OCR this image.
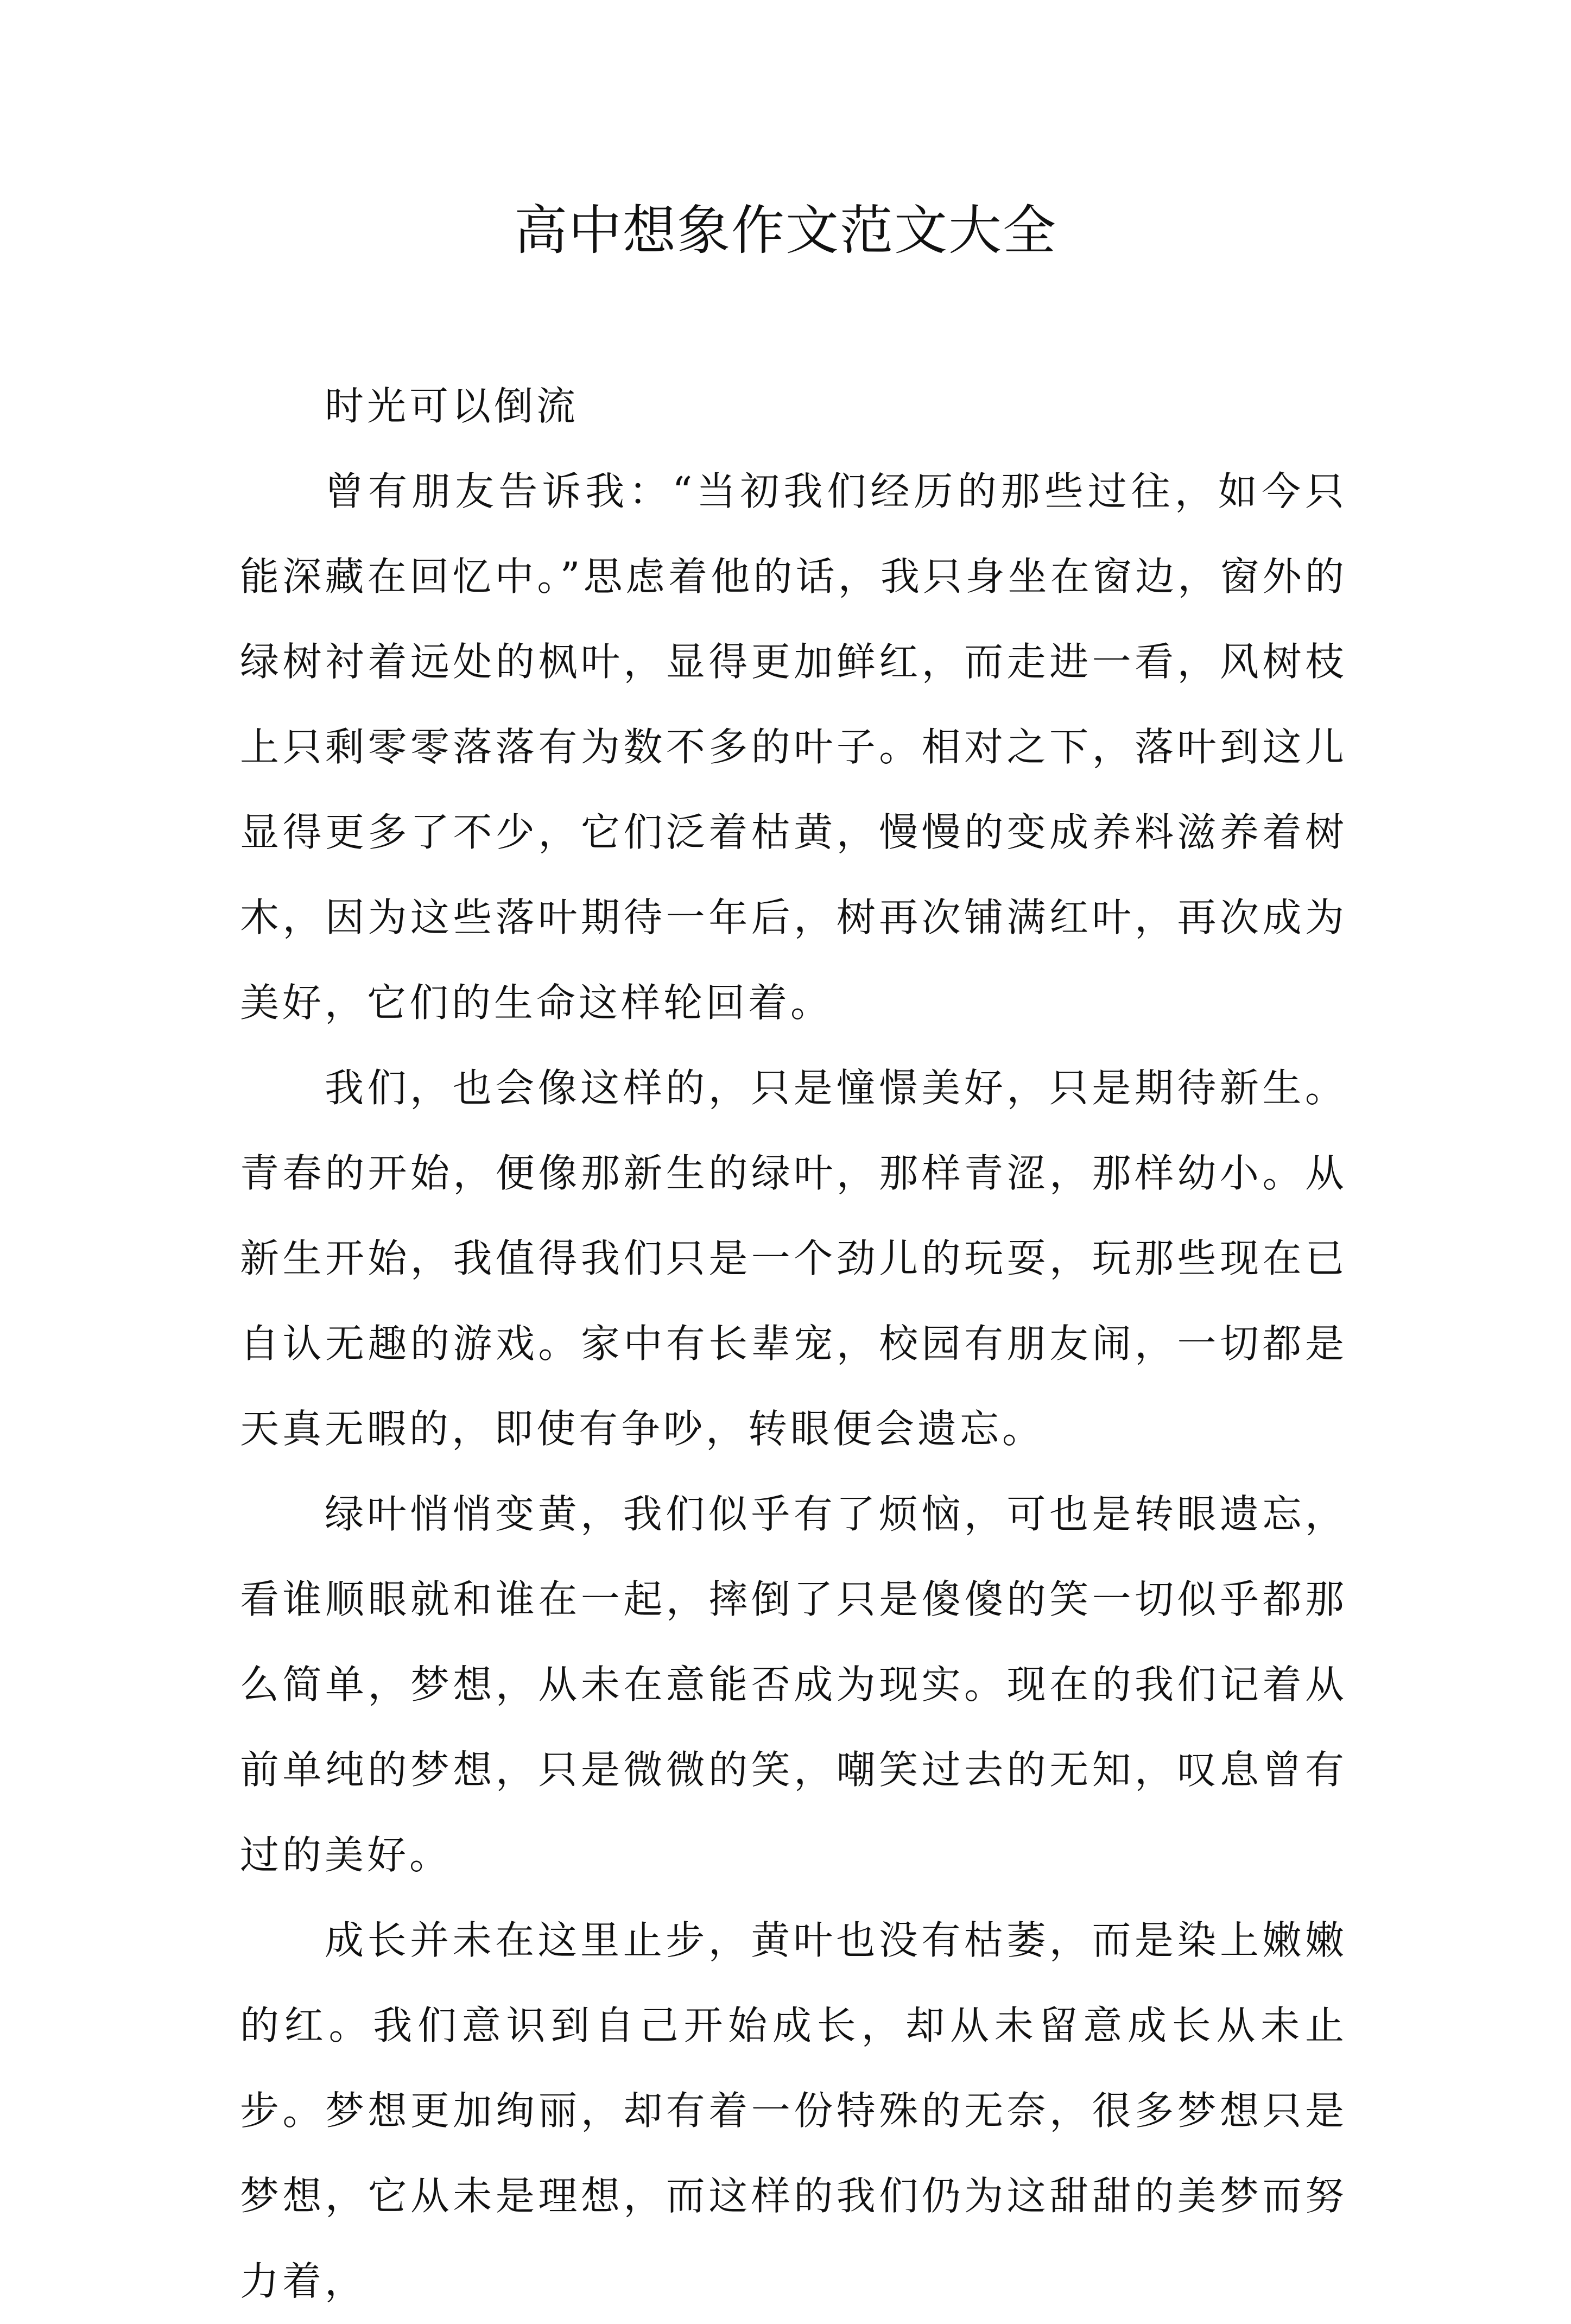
高中想象作文范文大全

时光可以倒流

曾有朋友告诉我：“当初我们经历的那些过往，如今只能深藏在回忆中。”思虑着他的话，我只身坐在窗边，窗外的绿树衬着远处的枫叶，显得更加鲜红，而走进一看，风树枝上只剩零零落落有为数不多的叶子。相对之下，落叶到这儿显得更多了不少，它们泛着枯黄，慢慢的变成养料滋养着树木，因为这些落叶期待一年后，树再次铺满红叶，再次成为美好，它们的生命这样轮回着。

我们，也会像这样的，只是憧憬美好，只是期待新生。青春的开始，便像那新生的绿叶，那样青涩，那样幼小。从新生开始，我值得我们只是一个劲儿的玩耍，玩那些现在已自认无趣的游戏。家中有长辈宠，校园有朋友闹，一切都是天真无暇的，即使有争吵，转眼便会遗忘。

绿叶悄悄变黄，我们似乎有了烦恼，可也是转眼遗忘，看谁顺眼就和谁在一起，摔倒了只是傻傻的笑一切似乎都那么简单，梦想，从未在意能否成为现实。现在的我们记着从前单纯的梦想，只是微微的笑，嘲笑过去的无知，叹息曾有过的美好。

成长并未在这里止步，黄叶也没有枯萎，而是染上嫩嫩的红。我们意识到自己开始成长，却从未留意成长从未止步。梦想更加绚丽，却有着一份特殊的无奈，很多梦想只是梦想，它从未是理想，而这样的我们仍为这甜甜的美梦而努力着，
